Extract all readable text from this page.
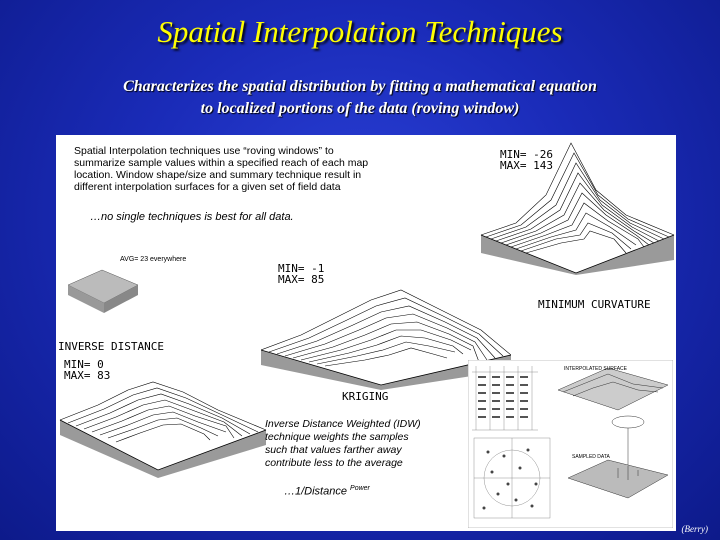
Spatial Interpolation Techniques
Characterizes the spatial distribution by fitting a mathematical equation
to localized portions of the data (roving window)
Spatial Interpolation techniques use “roving windows” to
summarize sample values within a specified reach of each map
location. Window shape/size and summary technique result in
different interpolation surfaces for a given set of field data
…no single techniques is best for all data.
MIN= -26
MAX= 143
MINIMUM CURVATURE
AVG= 23 everywhere
MIN= -1
MAX= 85
KRIGING
INVERSE DISTANCE
MIN= 0
MAX= 83
Inverse Distance Weighted (IDW)
technique weights the samples
such that values farther away
contribute less to the average
…1/Distance $^{Power}$
INTERPOLATED SURFACE
SAMPLED DATA
(Berry)
